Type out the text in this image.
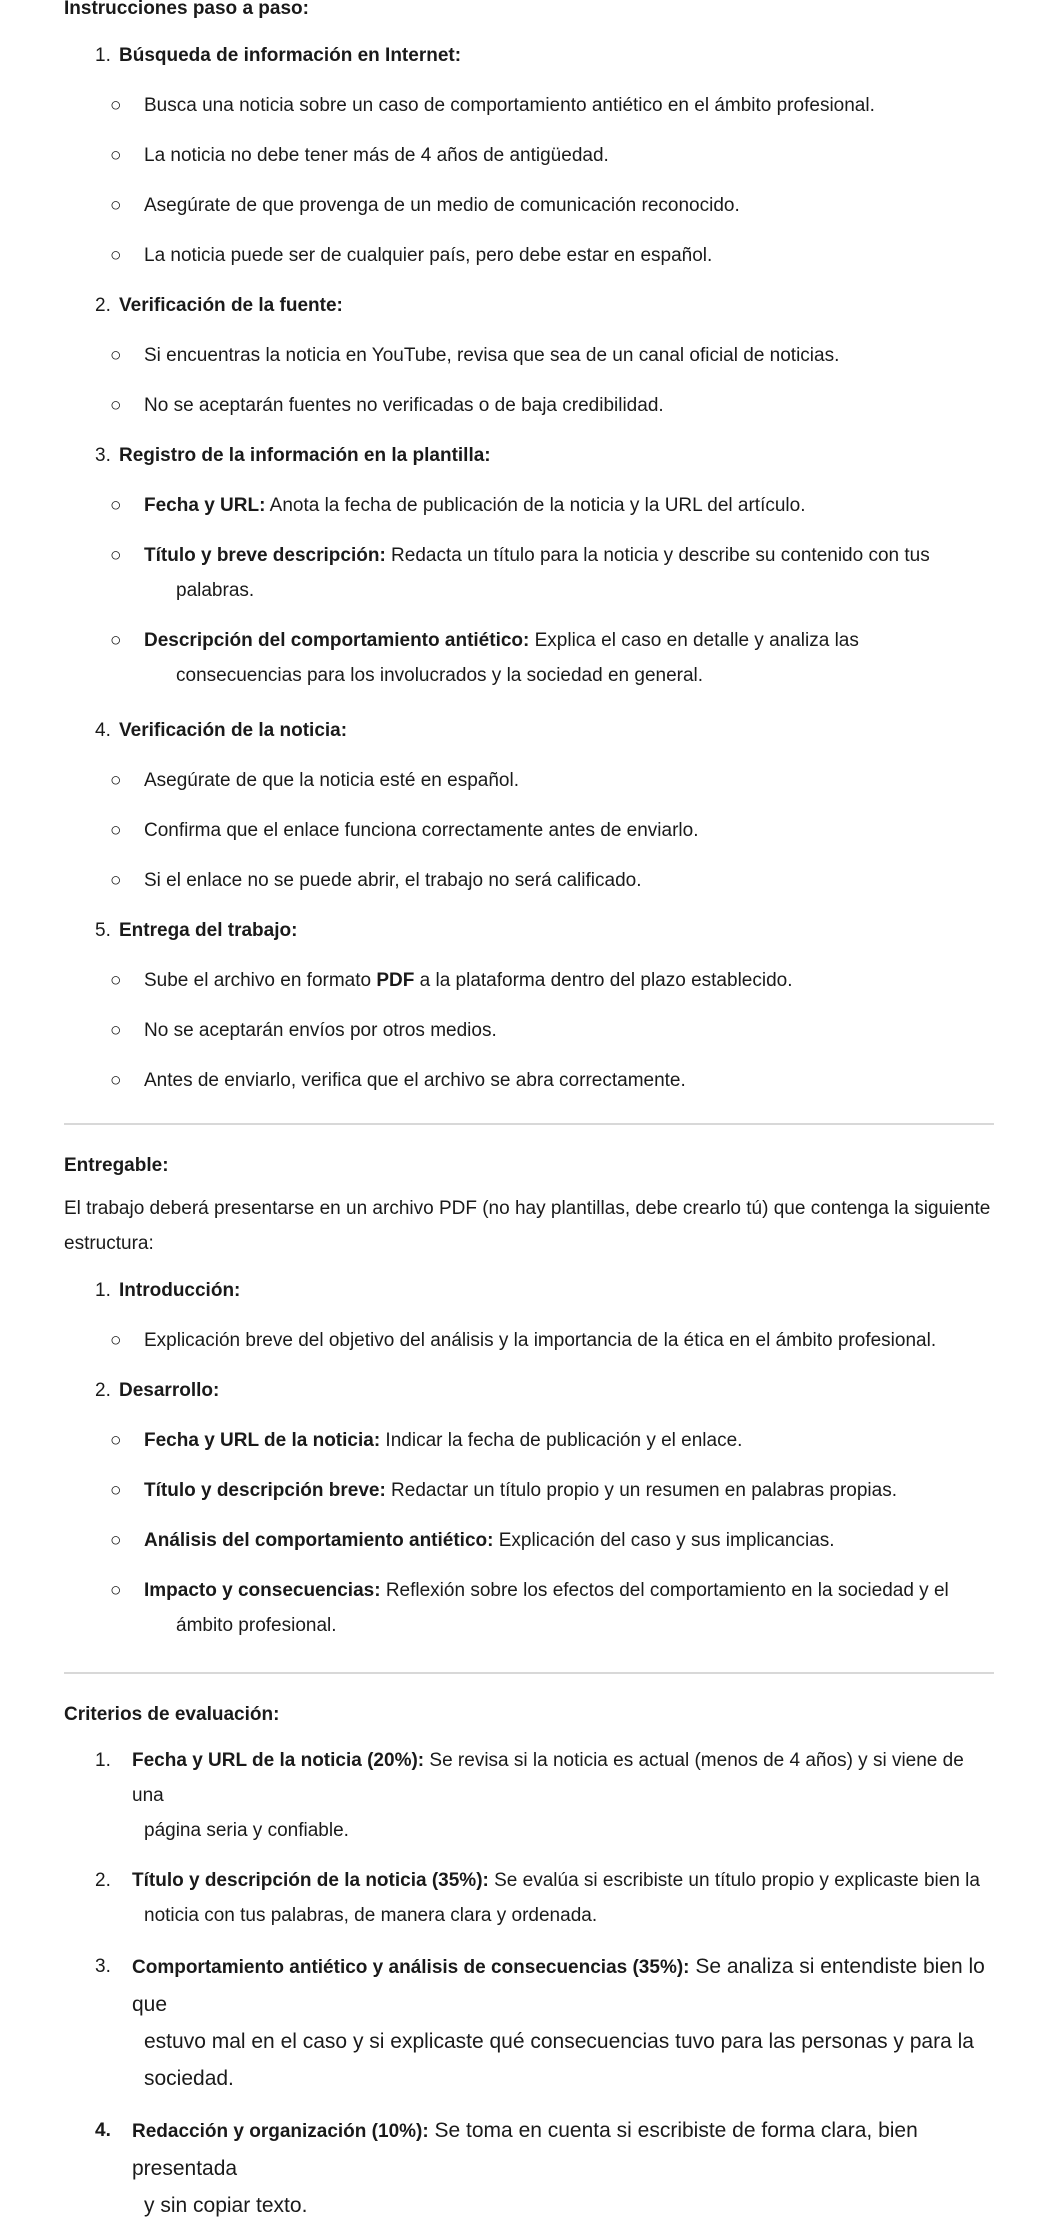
Instrucciones paso a paso:
1. Búsqueda de información en Internet:
○ Busca una noticia sobre un caso de comportamiento antiético en el ámbito profesional.
○ La noticia no debe tener más de 4 años de antigüedad.
○ Asegúrate de que provenga de un medio de comunicación reconocido.
○ La noticia puede ser de cualquier país, pero debe estar en español.
2. Verificación de la fuente:
○ Si encuentras la noticia en YouTube, revisa que sea de un canal oficial de noticias.
○ No se aceptarán fuentes no verificadas o de baja credibilidad.
3. Registro de la información en la plantilla:
○ Fecha y URL: Anota la fecha de publicación de la noticia y la URL del artículo.
○ Título y breve descripción: Redacta un título para la noticia y describe su contenido con tus
palabras.
○ Descripción del comportamiento antiético: Explica el caso en detalle y analiza las
consecuencias para los involucrados y la sociedad en general.
4. Verificación de la noticia:
○ Asegúrate de que la noticia esté en español.
○ Confirma que el enlace funciona correctamente antes de enviarlo.
○ Si el enlace no se puede abrir, el trabajo no será calificado.
5. Entrega del trabajo:
○ Sube el archivo en formato PDF a la plataforma dentro del plazo establecido.
○ No se aceptarán envíos por otros medios.
○ Antes de enviarlo, verifica que el archivo se abra correctamente.
Entregable:
El trabajo deberá presentarse en un archivo PDF (no hay plantillas, debe crearlo tú) que contenga la siguiente
estructura:
1. Introducción:
○ Explicación breve del objetivo del análisis y la importancia de la ética en el ámbito profesional.
2. Desarrollo:
○ Fecha y URL de la noticia: Indicar la fecha de publicación y el enlace.
○ Título y descripción breve: Redactar un título propio y un resumen en palabras propias.
○ Análisis del comportamiento antiético: Explicación del caso y sus implicancias.
○ Impacto y consecuencias: Reflexión sobre los efectos del comportamiento en la sociedad y el
ámbito profesional.
Criterios de evaluación:
1. Fecha y URL de la noticia (20%): Se revisa si la noticia es actual (menos de 4 años) y si viene de una
página seria y confiable.
2. Título y descripción de la noticia (35%): Se evalúa si escribiste un título propio y explicaste bien la
noticia con tus palabras, de manera clara y ordenada.
3. Comportamiento antiético y análisis de consecuencias (35%): Se analiza si entendiste bien lo que
estuvo mal en el caso y si explicaste qué consecuencias tuvo para las personas y para la
sociedad.
4. Redacción y organización (10%): Se toma en cuenta si escribiste de forma clara, bien presentada
y sin copiar texto.
